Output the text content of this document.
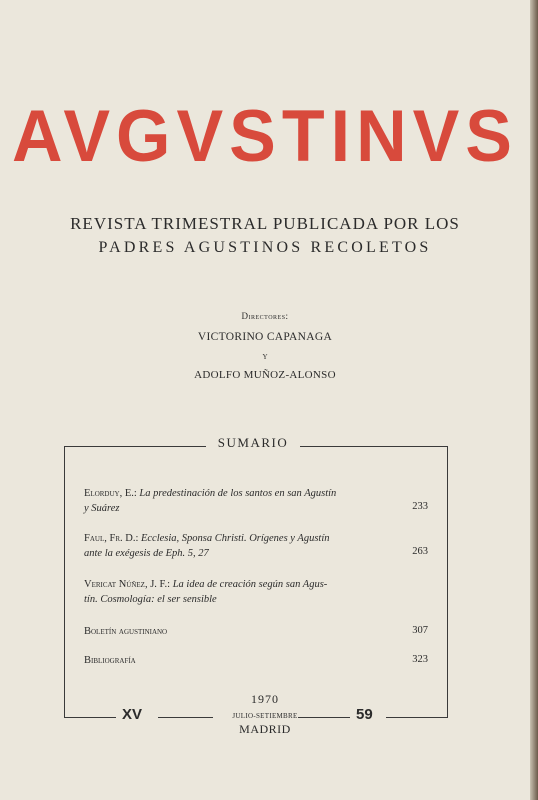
AVGVSTINVS
REVISTA TRIMESTRAL PUBLICADA POR LOS
PADRES AGUSTINOS RECOLETOS
Directores:
VICTORINO CAPANAGA
Y
ADOLFO MUÑOZ-ALONSO
SUMARIO
Elorduy, E.: La predestinación de los santos en san Agustín
y Suárez	233
Faul, Fr. D.: Ecclesia, Sponsa Christi. Orígenes y Agustín
ante la exégesis de Eph. 5, 27	263
Vericat Núñez, J. F.: La idea de creación según san Agus-
tín. Cosmología: el ser sensible
Boletín agustiniano	307
Bibliografía	323
1970
XV	JULIO-SETIEMBRE	59
MADRID
